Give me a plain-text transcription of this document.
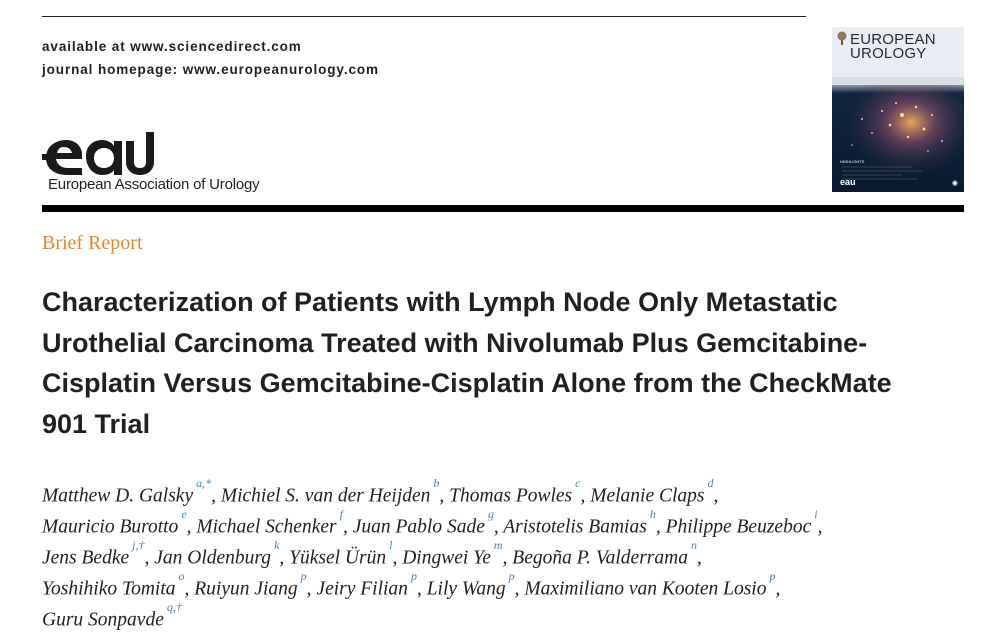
available at www.sciencedirect.com
journal homepage: www.europeanurology.com
European Association of Urology
EUROPEAN
UROLOGY
HIGHLIGHTS
eau	◉
Brief Report
Characterization of Patients with Lymph Node Only Metastatic
Urothelial Carcinoma Treated with Nivolumab Plus Gemcitabine-
Cisplatin Versus Gemcitabine-Cisplatin Alone from the CheckMate
901 Trial
Matthew D. Galsky$^{a,*}$, Michiel S. van der Heijden$^b$, Thomas Powles$^c$, Melanie Claps$^d$,
Mauricio Burotto$^e$, Michael Schenker$^f$, Juan Pablo Sade$^g$, Aristotelis Bamias$^h$, Philippe Beuzeboc$^i$,
Jens Bedke$^{j,\dagger}$, Jan Oldenburg$^k$, Yüksel Ürün$^l$, Dingwei Ye$^m$, Begoña P. Valderrama$^n$,
Yoshihiko Tomita$^o$, Ruiyun Jiang$^p$, Jeiry Filian$^p$, Lily Wang$^p$, Maximiliano van Kooten Losio$^p$,
Guru Sonpavde$^{q,\dagger}$
